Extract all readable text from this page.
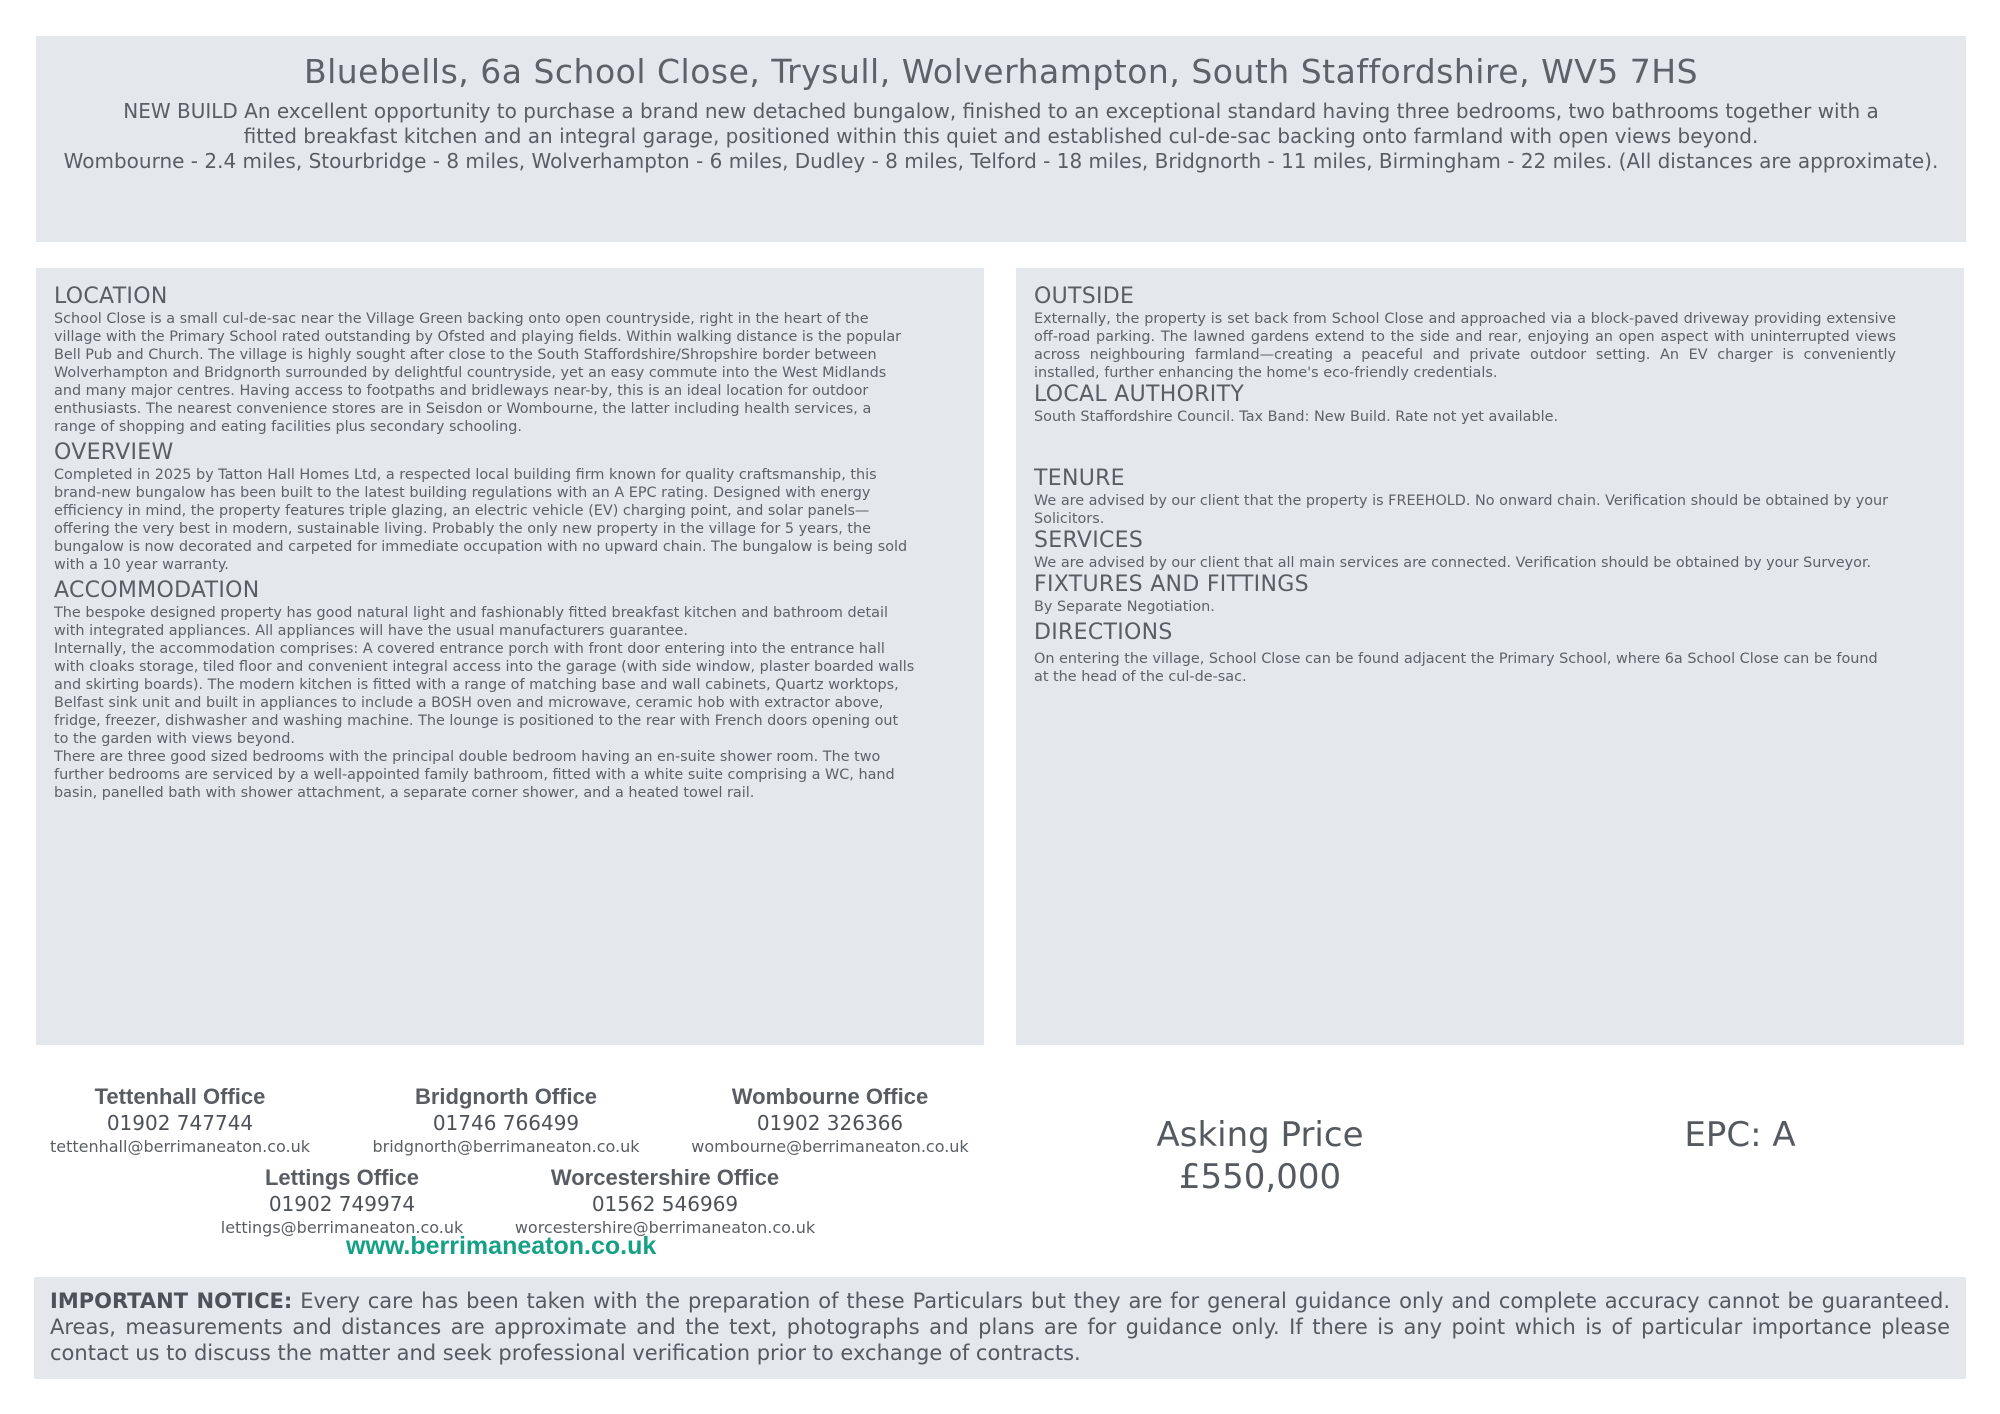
Bluebells, 6a School Close, Trysull, Wolverhampton, South Staffordshire, WV5 7HS

NEW BUILD An excellent opportunity to purchase a brand new detached bungalow, finished to an exceptional standard having three bedrooms, two bathrooms together with a fitted breakfast kitchen and an integral garage, positioned within this quiet and established cul-de-sac backing onto farmland with open views beyond.

Wombourne - 2.4 miles, Stourbridge - 8 miles, Wolverhampton - 6 miles, Dudley - 8 miles, Telford - 18 miles, Bridgnorth - 11 miles, Birmingham - 22 miles. (All distances are approximate).

LOCATION

School Close is a small cul-de-sac near the Village Green backing onto open countryside, right in the heart of the village with the Primary School rated outstanding by Ofsted and playing fields. Within walking distance is the popular Bell Pub and Church. The village is highly sought after close to the South Staffordshire/Shropshire border between Wolverhampton and Bridgnorth surrounded by delightful countryside, yet an easy commute into the West Midlands and many major centres. Having access to footpaths and bridleways near-by, this is an ideal location for outdoor enthusiasts. The nearest convenience stores are in Seisdon or Wombourne, the latter including health services, a range of shopping and eating facilities plus secondary schooling.

OVERVIEW

Completed in 2025 by Tatton Hall Homes Ltd, a respected local building firm known for quality craftsmanship, this brand-new bungalow has been built to the latest building regulations with an A EPC rating. Designed with energy efficiency in mind, the property features triple glazing, an electric vehicle (EV) charging point, and solar panels—offering the very best in modern, sustainable living. Probably the only new property in the village for 5 years, the bungalow is now decorated and carpeted for immediate occupation with no upward chain. The bungalow is being sold with a 10 year warranty.

ACCOMMODATION

The bespoke designed property has good natural light and fashionably fitted breakfast kitchen and bathroom detail with integrated appliances. All appliances will have the usual manufacturers guarantee.

Internally, the accommodation comprises: A covered entrance porch with front door entering into the entrance hall with cloaks storage, tiled floor and convenient integral access into the garage (with side window, plaster boarded walls and skirting boards). The modern kitchen is fitted with a range of matching base and wall cabinets, Quartz worktops, Belfast sink unit and built in appliances to include a BOSH oven and microwave, ceramic hob with extractor above, fridge, freezer, dishwasher and washing machine. The lounge is positioned to the rear with French doors opening out to the garden with views beyond.

There are three good sized bedrooms with the principal double bedroom having an en-suite shower room. The two further bedrooms are serviced by a well-appointed family bathroom, fitted with a white suite comprising a WC, hand basin, panelled bath with shower attachment, a separate corner shower, and a heated towel rail.

OUTSIDE

Externally, the property is set back from School Close and approached via a block-paved driveway providing extensive off-road parking. The lawned gardens extend to the side and rear, enjoying an open aspect with uninterrupted views across neighbouring farmland—creating a peaceful and private outdoor setting. An EV charger is conveniently installed, further enhancing the home's eco-friendly credentials.

LOCAL AUTHORITY

South Staffordshire Council. Tax Band: New Build. Rate not yet available.

TENURE

We are advised by our client that the property is FREEHOLD. No onward chain. Verification should be obtained by your Solicitors.

SERVICES

We are advised by our client that all main services are connected. Verification should be obtained by your Surveyor.

FIXTURES AND FITTINGS

By Separate Negotiation.

DIRECTIONS

On entering the village, School Close can be found adjacent the Primary School, where 6a School Close can be found at the head of the cul-de-sac.

Tettenhall Office
01902 747744
tettenhall@berrimaneaton.co.uk
Bridgnorth Office
01746 766499
bridgnorth@berrimaneaton.co.uk
Wombourne Office
01902 326366
wombourne@berrimaneaton.co.uk
Lettings Office
01902 749974
lettings@berrimaneaton.co.uk
Worcestershire Office
01562 546969
worcestershire@berrimaneaton.co.uk
www.berrimaneaton.co.uk
Asking Price
£550,000
EPC: A

IMPORTANT NOTICE: Every care has been taken with the preparation of these Particulars but they are for general guidance only and complete accuracy cannot be guaranteed. Areas, measurements and distances are approximate and the text, photographs and plans are for guidance only. If there is any point which is of particular importance please contact us to discuss the matter and seek professional verification prior to exchange of contracts.
